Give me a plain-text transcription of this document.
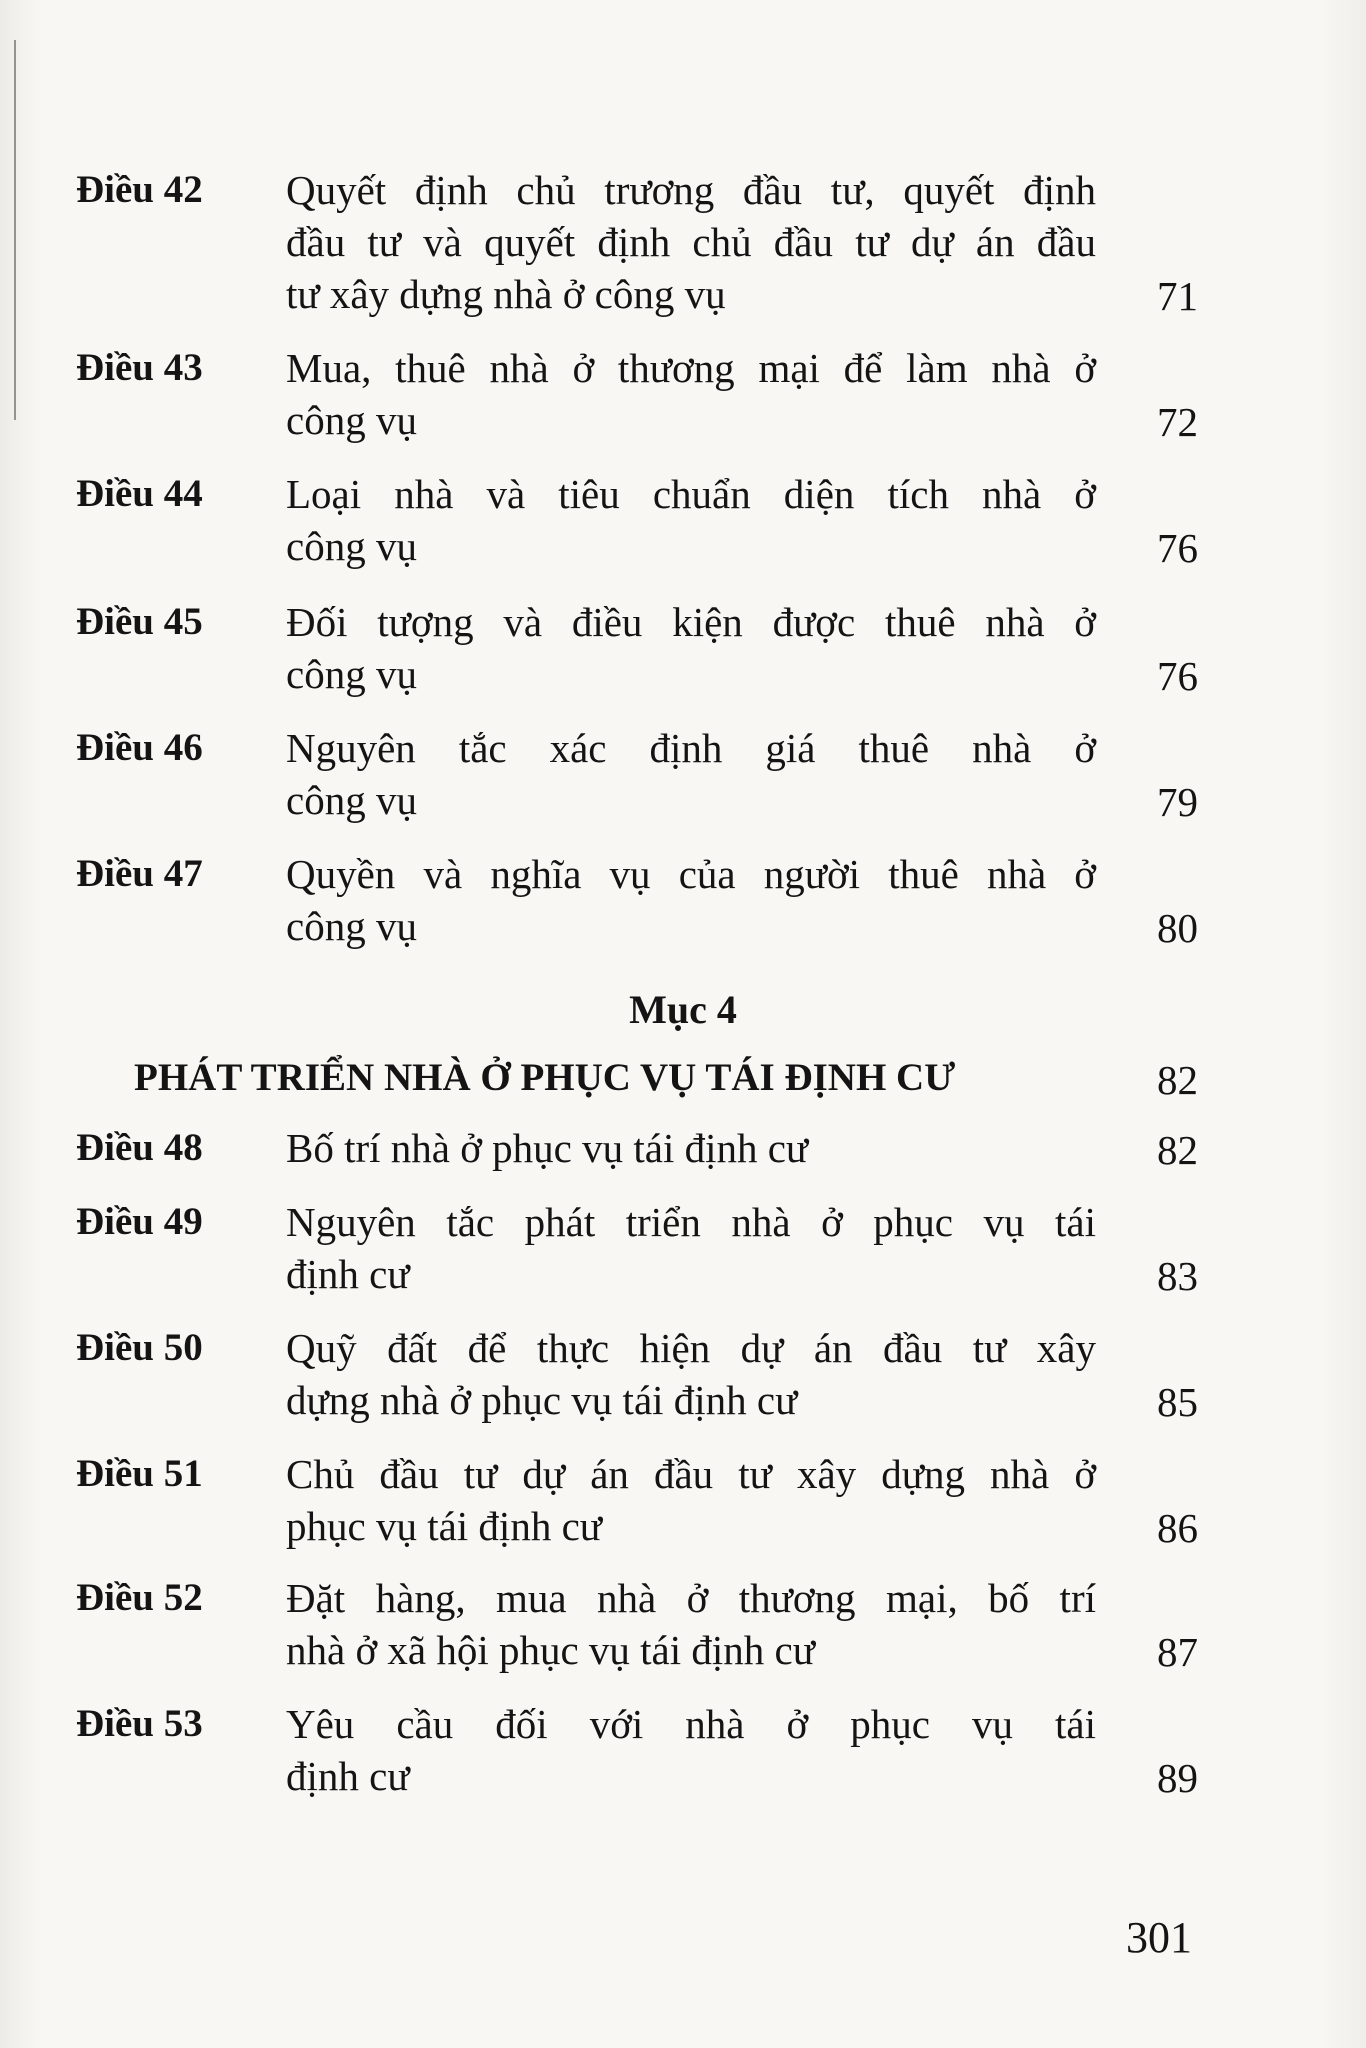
Điều 42 Quyết định chủ trương đầu tư, quyết định
đầu tư và quyết định chủ đầu tư dự án đầu
tư xây dựng nhà ở công vụ	71
Điều 43 Mua, thuê nhà ở thương mại để làm nhà ở
công vụ	72
Điều 44 Loại nhà và tiêu chuẩn diện tích nhà ở
công vụ	76
Điều 45 Đối tượng và điều kiện được thuê nhà ở
công vụ	76
Điều 46 Nguyên tắc xác định giá thuê nhà ở
công vụ	79
Điều 47 Quyền và nghĩa vụ của người thuê nhà ở
công vụ	80
Mục 4
PHÁT TRIỂN NHÀ Ở PHỤC VỤ TÁI ĐỊNH CƯ	82
Điều 48 Bố trí nhà ở phục vụ tái định cư	82
Điều 49 Nguyên tắc phát triển nhà ở phục vụ tái
định cư	83
Điều 50 Quỹ đất để thực hiện dự án đầu tư xây
dựng nhà ở phục vụ tái định cư	85
Điều 51 Chủ đầu tư dự án đầu tư xây dựng nhà ở
phục vụ tái định cư	86
Điều 52 Đặt hàng, mua nhà ở thương mại, bố trí
nhà ở xã hội phục vụ tái định cư	87
Điều 53 Yêu cầu đối với nhà ở phục vụ tái
định cư	89
301
